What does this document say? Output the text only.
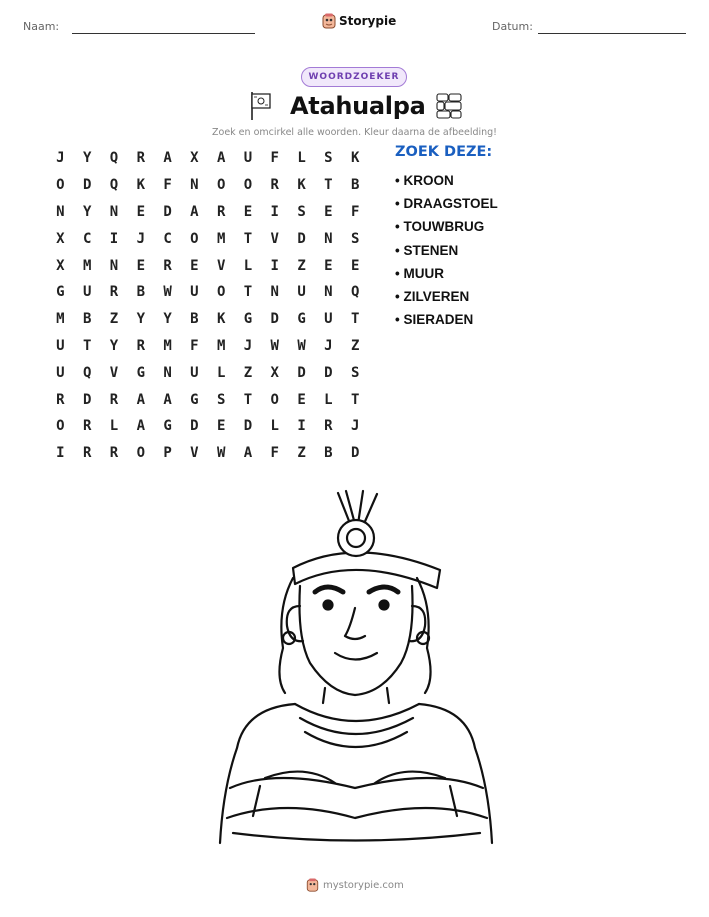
Naam:	Datum:
Storypie
WOORDZOEKER
Atahualpa
Zoek en omcirkel alle woorden. Kleur daarna de afbeelding!
J	Y	Q	R	A	X	A	U	F	L	S	K
O	D	Q	K	F	N	O	O	R	K	T	B
N	Y	N	E	D	A	R	E	I	S	E	F
X	C	I	J	C	O	M	T	V	D	N	S
X	M	N	E	R	E	V	L	I	Z	E	E
G	U	R	B	W	U	O	T	N	U	N	Q
M	B	Z	Y	Y	B	K	G	D	G	U	T
U	T	Y	R	M	F	M	J	W	W	J	Z
U	Q	V	G	N	U	L	Z	X	D	D	S
R	D	R	A	A	G	S	T	O	E	L	T
O	R	L	A	G	D	E	D	L	I	R	J
I	R	R	O	P	V	W	A	F	Z	B	D
ZOEK DEZE:
• KROON
• DRAAGSTOEL
• TOUWBRUG
• STENEN
• MUUR
• ZILVEREN
• SIERADEN
mystorypie.com
